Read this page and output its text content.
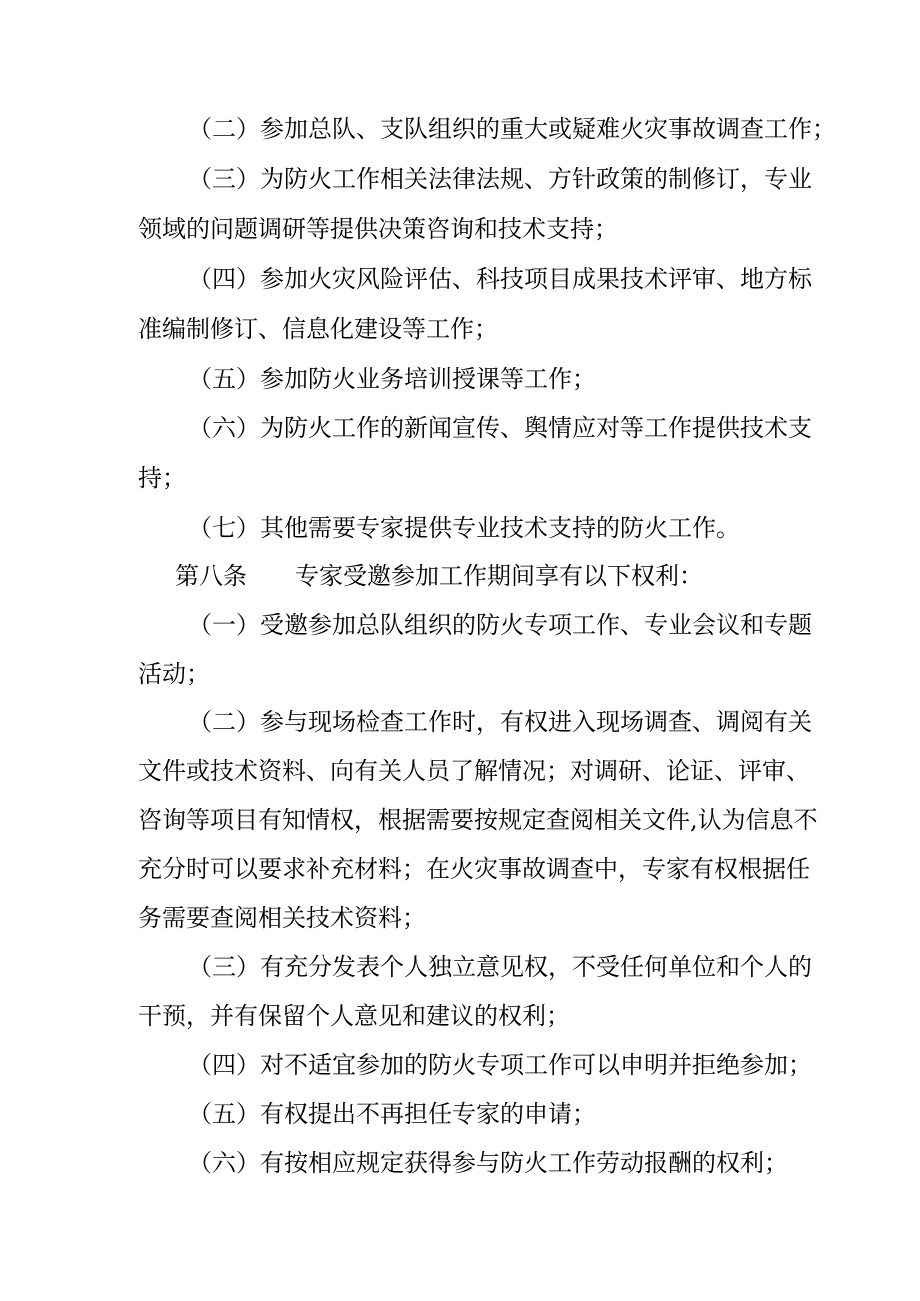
（二）参加总队、支队组织的重大或疑难火灾事故调查工作；

（三）为防火工作相关法律法规、方针政策的制修订，专业

领域的问题调研等提供决策咨询和技术支持；

（四）参加火灾风险评估、科技项目成果技术评审、地方标

准编制修订、信息化建设等工作；

（五）参加防火业务培训授课等工作；

（六）为防火工作的新闻宣传、舆情应对等工作提供技术支

持；

（七）其他需要专家提供专业技术支持的防火工作。

第八条　　专家受邀参加工作期间享有以下权利：

（一）受邀参加总队组织的防火专项工作、专业会议和专题

活动；

（二）参与现场检查工作时，有权进入现场调查、调阅有关

文件或技术资料、向有关人员了解情况；对调研、论证、评审、

咨询等项目有知情权，根据需要按规定查阅相关文件,认为信息不

充分时可以要求补充材料；在火灾事故调查中，专家有权根据任

务需要查阅相关技术资料；

（三）有充分发表个人独立意见权，不受任何单位和个人的

干预，并有保留个人意见和建议的权利；

（四）对不适宜参加的防火专项工作可以申明并拒绝参加；

（五）有权提出不再担任专家的申请；

（六）有按相应规定获得参与防火工作劳动报酬的权利；
